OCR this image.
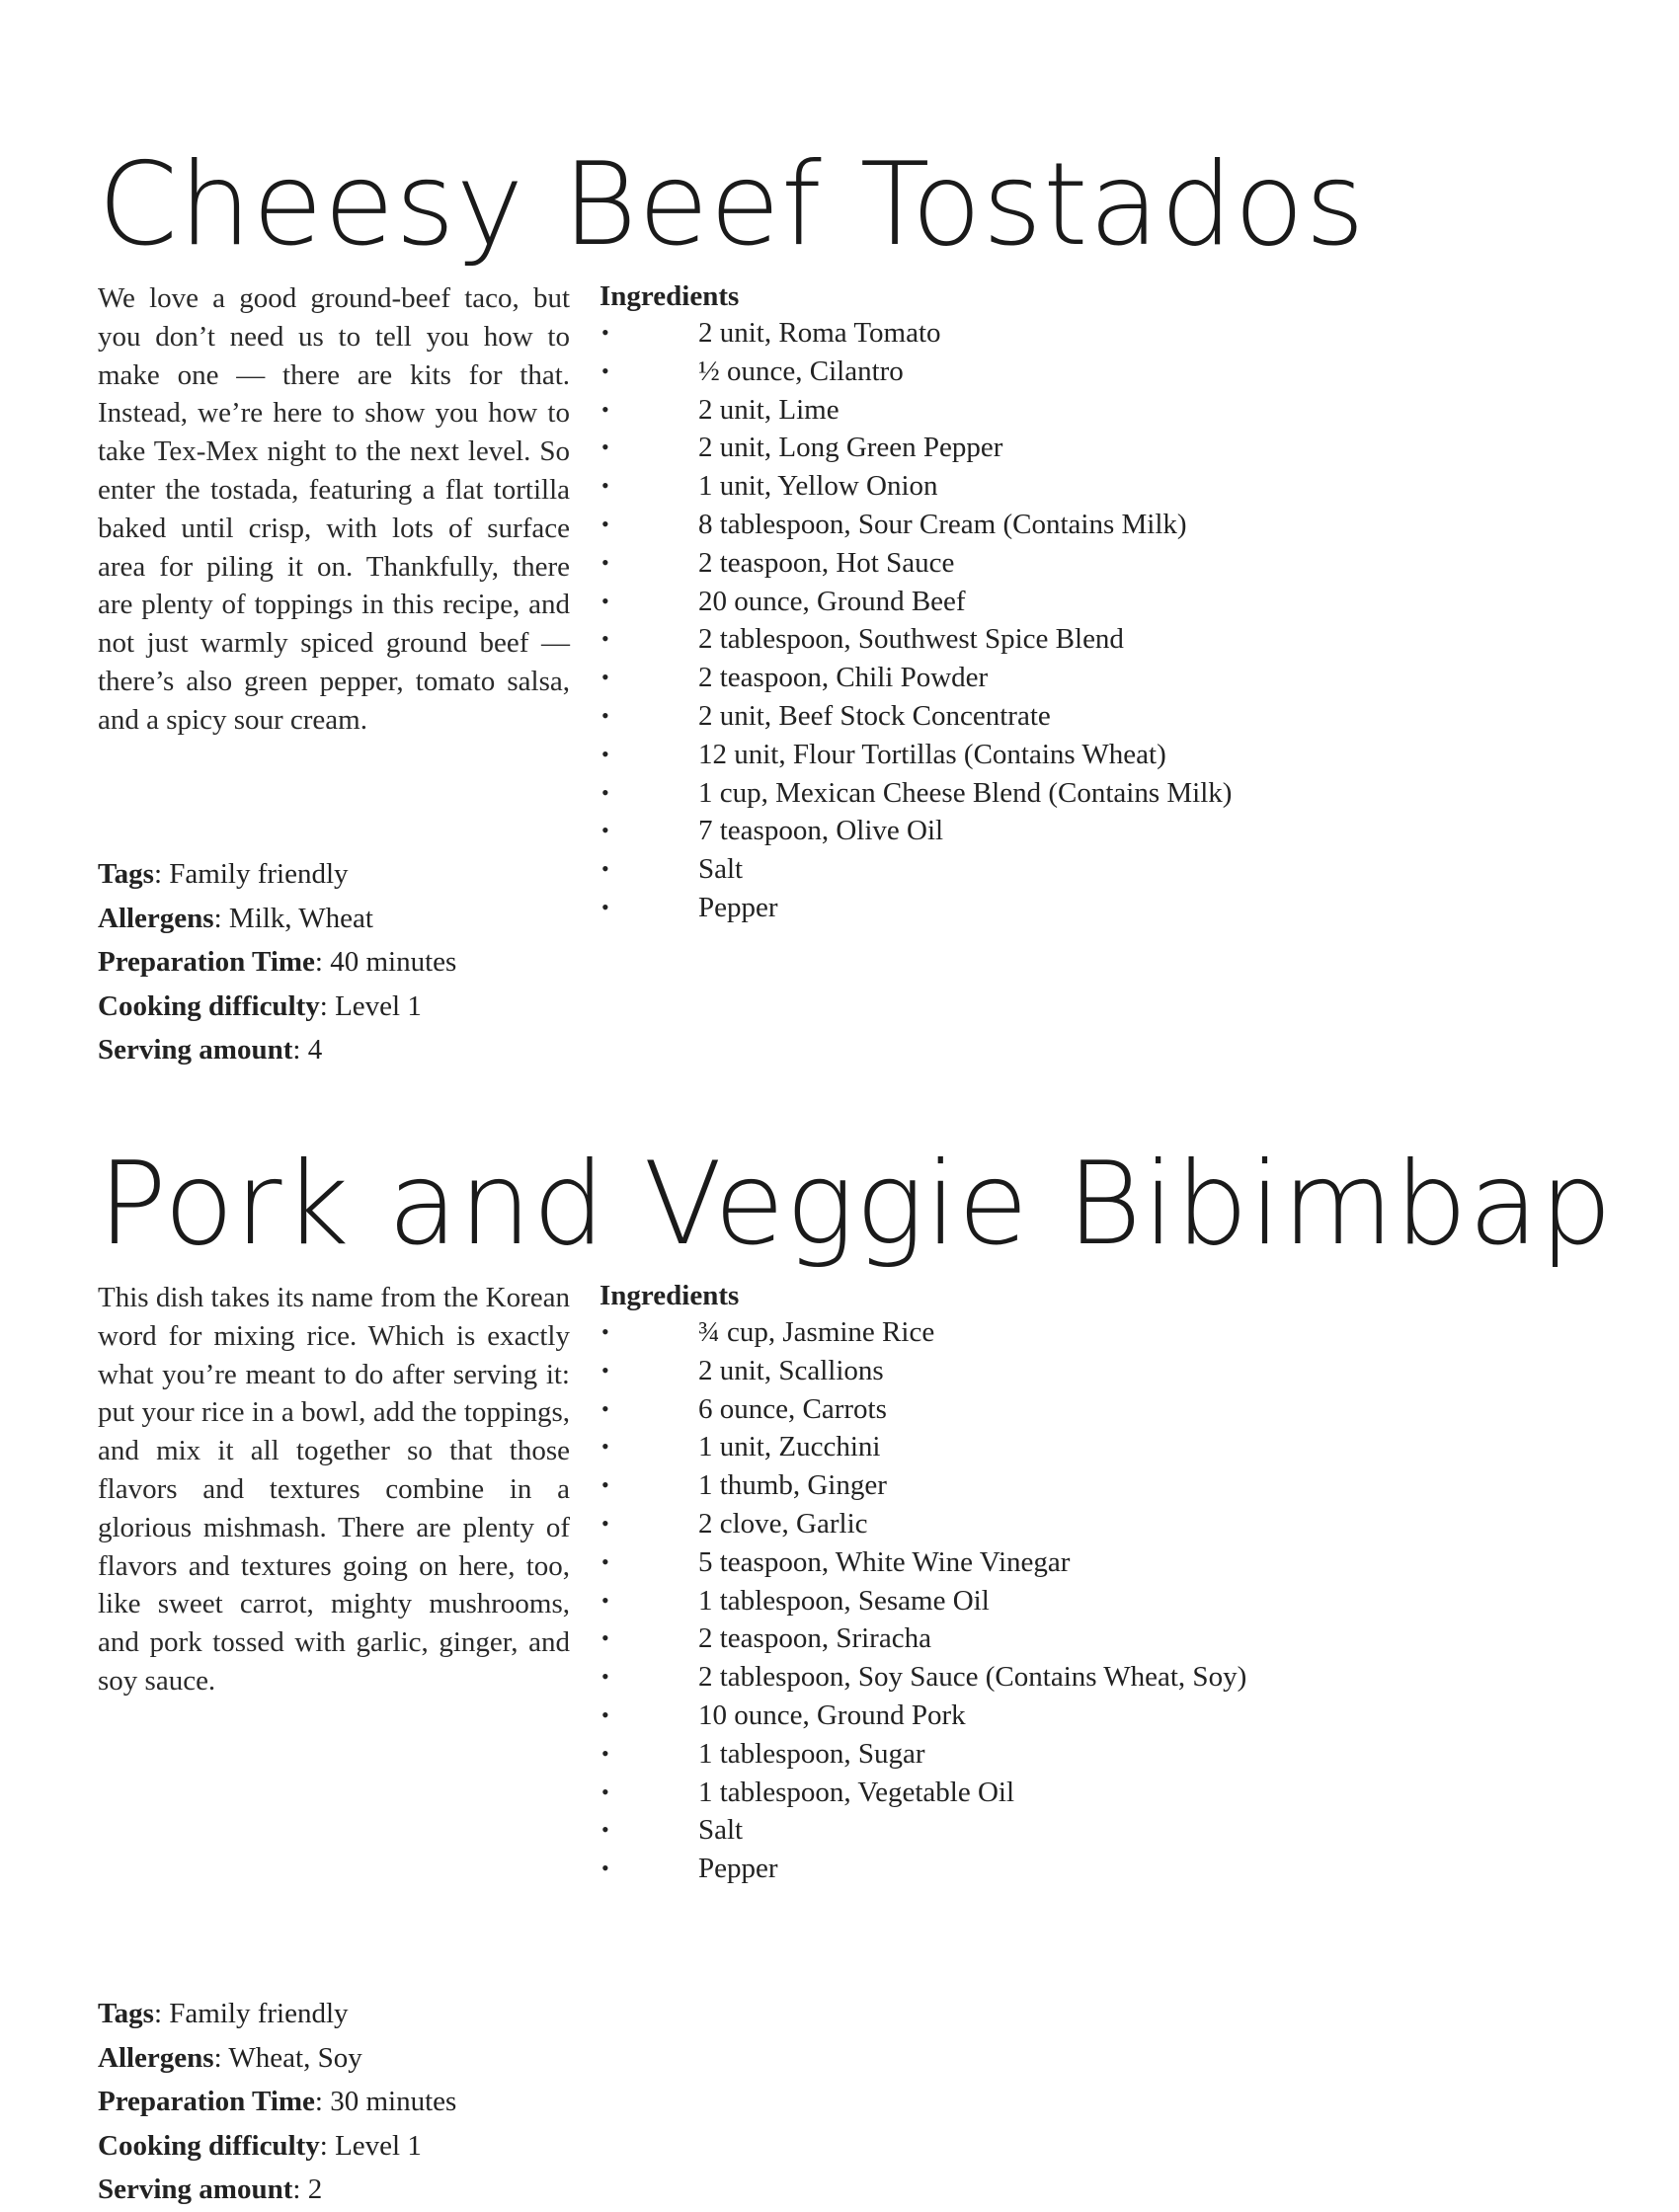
Cheesy Beef Tostados

We love a good ground-beef taco, but you don’t need us to tell you how to make one — there are kits for that. Instead, we’re here to show you how to take Tex-Mex night to the next level. So enter the tostada, featuring a flat tortilla baked until crisp, with lots of surface area for piling it on. Thankfully, there are plenty of toppings in this recipe, and not just warmly spiced ground beef — there’s also green pepper, tomato salsa, and a spicy sour cream.

Ingredients
•	2 unit, Roma Tomato
•	½ ounce, Cilantro
•	2 unit, Lime
•	2 unit, Long Green Pepper
•	1 unit, Yellow Onion
•	8 tablespoon, Sour Cream (Contains Milk)
•	2 teaspoon, Hot Sauce
•	20 ounce, Ground Beef
•	2 tablespoon, Southwest Spice Blend
•	2 teaspoon, Chili Powder
•	2 unit, Beef Stock Concentrate
•	12 unit, Flour Tortillas (Contains Wheat)
•	1 cup, Mexican Cheese Blend (Contains Milk)
•	7 teaspoon, Olive Oil
•	Salt
•	Pepper
Tags: Family friendly
Allergens: Milk, Wheat
Preparation Time: 40 minutes
Cooking difficulty: Level 1
Serving amount: 4
Pork and Veggie Bibimbap

This dish takes its name from the Korean word for mixing rice. Which is exactly what you’re meant to do after serving it: put your rice in a bowl, add the toppings, and mix it all together so that those flavors and textures combine in a glorious mishmash. There are plenty of flavors and textures going on here, too, like sweet carrot, mighty mushrooms, and pork tossed with garlic, ginger, and soy sauce.

Ingredients
•	¾ cup, Jasmine Rice
•	2 unit, Scallions
•	6 ounce, Carrots
•	1 unit, Zucchini
•	1 thumb, Ginger
•	2 clove, Garlic
•	5 teaspoon, White Wine Vinegar
•	1 tablespoon, Sesame Oil
•	2 teaspoon, Sriracha
•	2 tablespoon, Soy Sauce (Contains Wheat, Soy)
•	10 ounce, Ground Pork
•	1 tablespoon, Sugar
•	1 tablespoon, Vegetable Oil
•	Salt
•	Pepper
Tags: Family friendly
Allergens: Wheat, Soy
Preparation Time: 30 minutes
Cooking difficulty: Level 1
Serving amount: 2
